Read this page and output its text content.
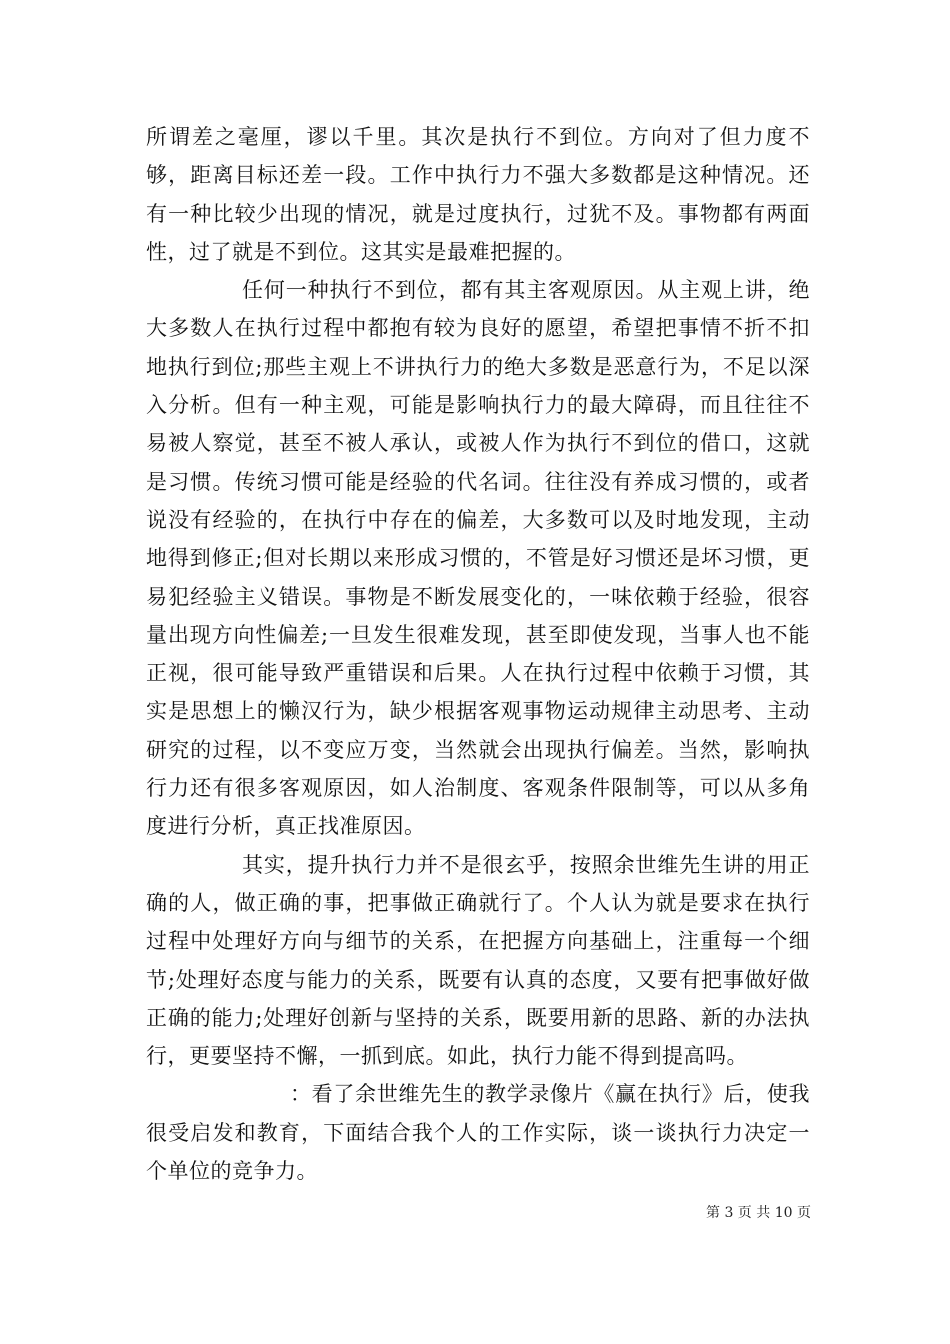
所谓差之毫厘，谬以千里。其次是执行不到位。方向对了但力度不够，距离目标还差一段。工作中执行力不强大多数都是这种情况。还有一种比较少出现的情况，就是过度执行，过犹不及。事物都有两面性，过了就是不到位。这其实是最难把握的。

任何一种执行不到位，都有其主客观原因。从主观上讲，绝大多数人在执行过程中都抱有较为良好的愿望，希望把事情不折不扣地执行到位;那些主观上不讲执行力的绝大多数是恶意行为，不足以深入分析。但有一种主观，可能是影响执行力的最大障碍，而且往往不易被人察觉，甚至不被人承认，或被人作为执行不到位的借口，这就是习惯。传统习惯可能是经验的代名词。往往没有养成习惯的，或者说没有经验的，在执行中存在的偏差，大多数可以及时地发现，主动地得到修正;但对长期以来形成习惯的，不管是好习惯还是坏习惯，更易犯经验主义错误。事物是不断发展变化的，一味依赖于经验，很容量出现方向性偏差;一旦发生很难发现，甚至即使发现，当事人也不能正视，很可能导致严重错误和后果。人在执行过程中依赖于习惯，其实是思想上的懒汉行为，缺少根据客观事物运动规律主动思考、主动研究的过程，以不变应万变，当然就会出现执行偏差。当然，影响执行力还有很多客观原因，如人治制度、客观条件限制等，可以从多角度进行分析，真正找准原因。

其实，提升执行力并不是很玄乎，按照余世维先生讲的用正确的人，做正确的事，把事做正确就行了。个人认为就是要求在执行过程中处理好方向与细节的关系，在把握方向基础上，注重每一个细节;处理好态度与能力的关系，既要有认真的态度，又要有把事做好做正确的能力;处理好创新与坚持的关系，既要用新的思路、新的办法执行，更要坚持不懈，一抓到底。如此，执行力能不得到提高吗。

：看了余世维先生的教学录像片《赢在执行》后，使我很受启发和教育，下面结合我个人的工作实际，谈一谈执行力决定一个单位的竞争力。

第 3 页 共 10 页
